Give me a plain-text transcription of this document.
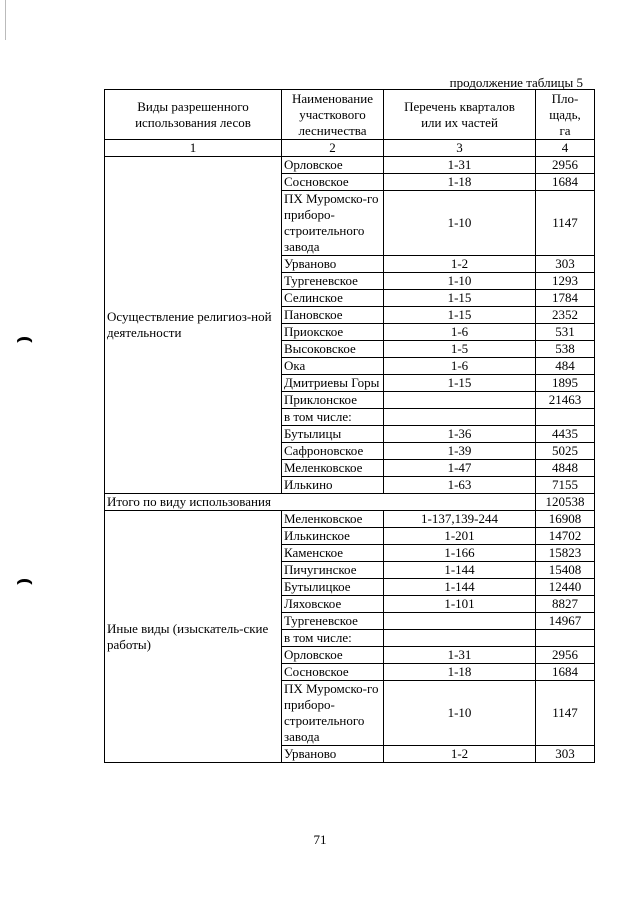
⌢
⌢
продолжение таблицы 5
Виды разрешенного использования лесов	Наименование участкового лесничества	Перечень кварталов или их частей	Пло-щадь, га
1	2	3	4
Осуществление религиоз-ной деятельности	Орловское	1-31	2956
	Сосновское	1-18	1684
	ПХ Муромско-го приборо-строительного завода	1-10	1147
	Урваново	1-2	303
	Тургеневское	1-10	1293
	Селинское	1-15	1784
	Пановское	1-15	2352
	Приокское	1-6	531
	Высоковское	1-5	538
	Ока	1-6	484
	Дмитриевы Горы	1-15	1895
	Приклонское		21463
	в том числе:		
	Бутылицы	1-36	4435
	Сафроновское	1-39	5025
	Меленковское	1-47	4848
	Илькино	1-63	7155
Итого по виду использования			120538
Иные виды (изыскатель-ские работы)	Меленковское	1-137,139-244	16908
	Илькинское	1-201	14702
	Каменское	1-166	15823
	Пичугинское	1-144	15408
	Бутылицкое	1-144	12440
	Ляховское	1-101	8827
	Тургеневское		14967
	в том числе:		
	Орловское	1-31	2956
	Сосновское	1-18	1684
	ПХ Муромско-го приборо-строительного завода	1-10	1147
	Урваново	1-2	303
71
